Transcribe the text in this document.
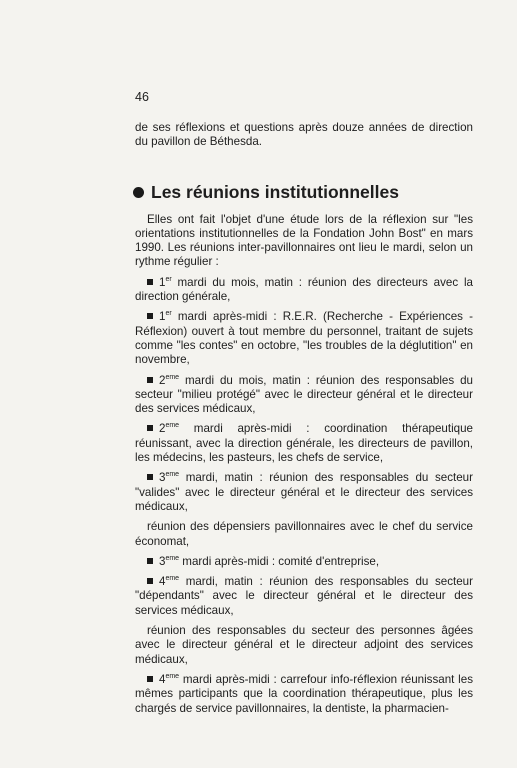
46

de ses réflexions et questions après douze années de direction du pavillon de Béthesda.

Les réunions institutionnelles

Elles ont fait l'objet d'une étude lors de la réflexion sur "les orientations institutionnelles de la Fondation John Bost" en mars 1990. Les réunions inter-pavillonnaires ont lieu le mardi, selon un rythme régulier :

1er mardi du mois, matin : réunion des directeurs avec la direction générale,

1er mardi après-midi : R.E.R. (Recherche - Expériences - Réflexion) ouvert à tout membre du personnel, traitant de sujets comme "les contes" en octobre, "les troubles de la déglutition" en novembre,

2eme mardi du mois, matin : réunion des responsables du secteur "milieu protégé" avec le directeur général et le directeur des services médicaux,

2eme mardi après-midi : coordination thérapeutique réunissant, avec la direction générale, les directeurs de pavillon, les médecins, les pasteurs, les chefs de service,

3eme mardi, matin : réunion des responsables du secteur "valides" avec le directeur général et le directeur des services médicaux,

réunion des dépensiers pavillonnaires avec le chef du service économat,

3eme mardi après-midi : comité d'entreprise,

4eme mardi, matin : réunion des responsables du secteur "dépendants" avec le directeur général et le directeur des services médicaux,

réunion des responsables du secteur des personnes âgées avec le directeur général et le directeur adjoint des services médicaux,

4eme mardi après-midi : carrefour info-réflexion réunissant les mêmes participants que la coordination thérapeutique, plus les chargés de service pavillonnaires, la dentiste, la pharmacien-
